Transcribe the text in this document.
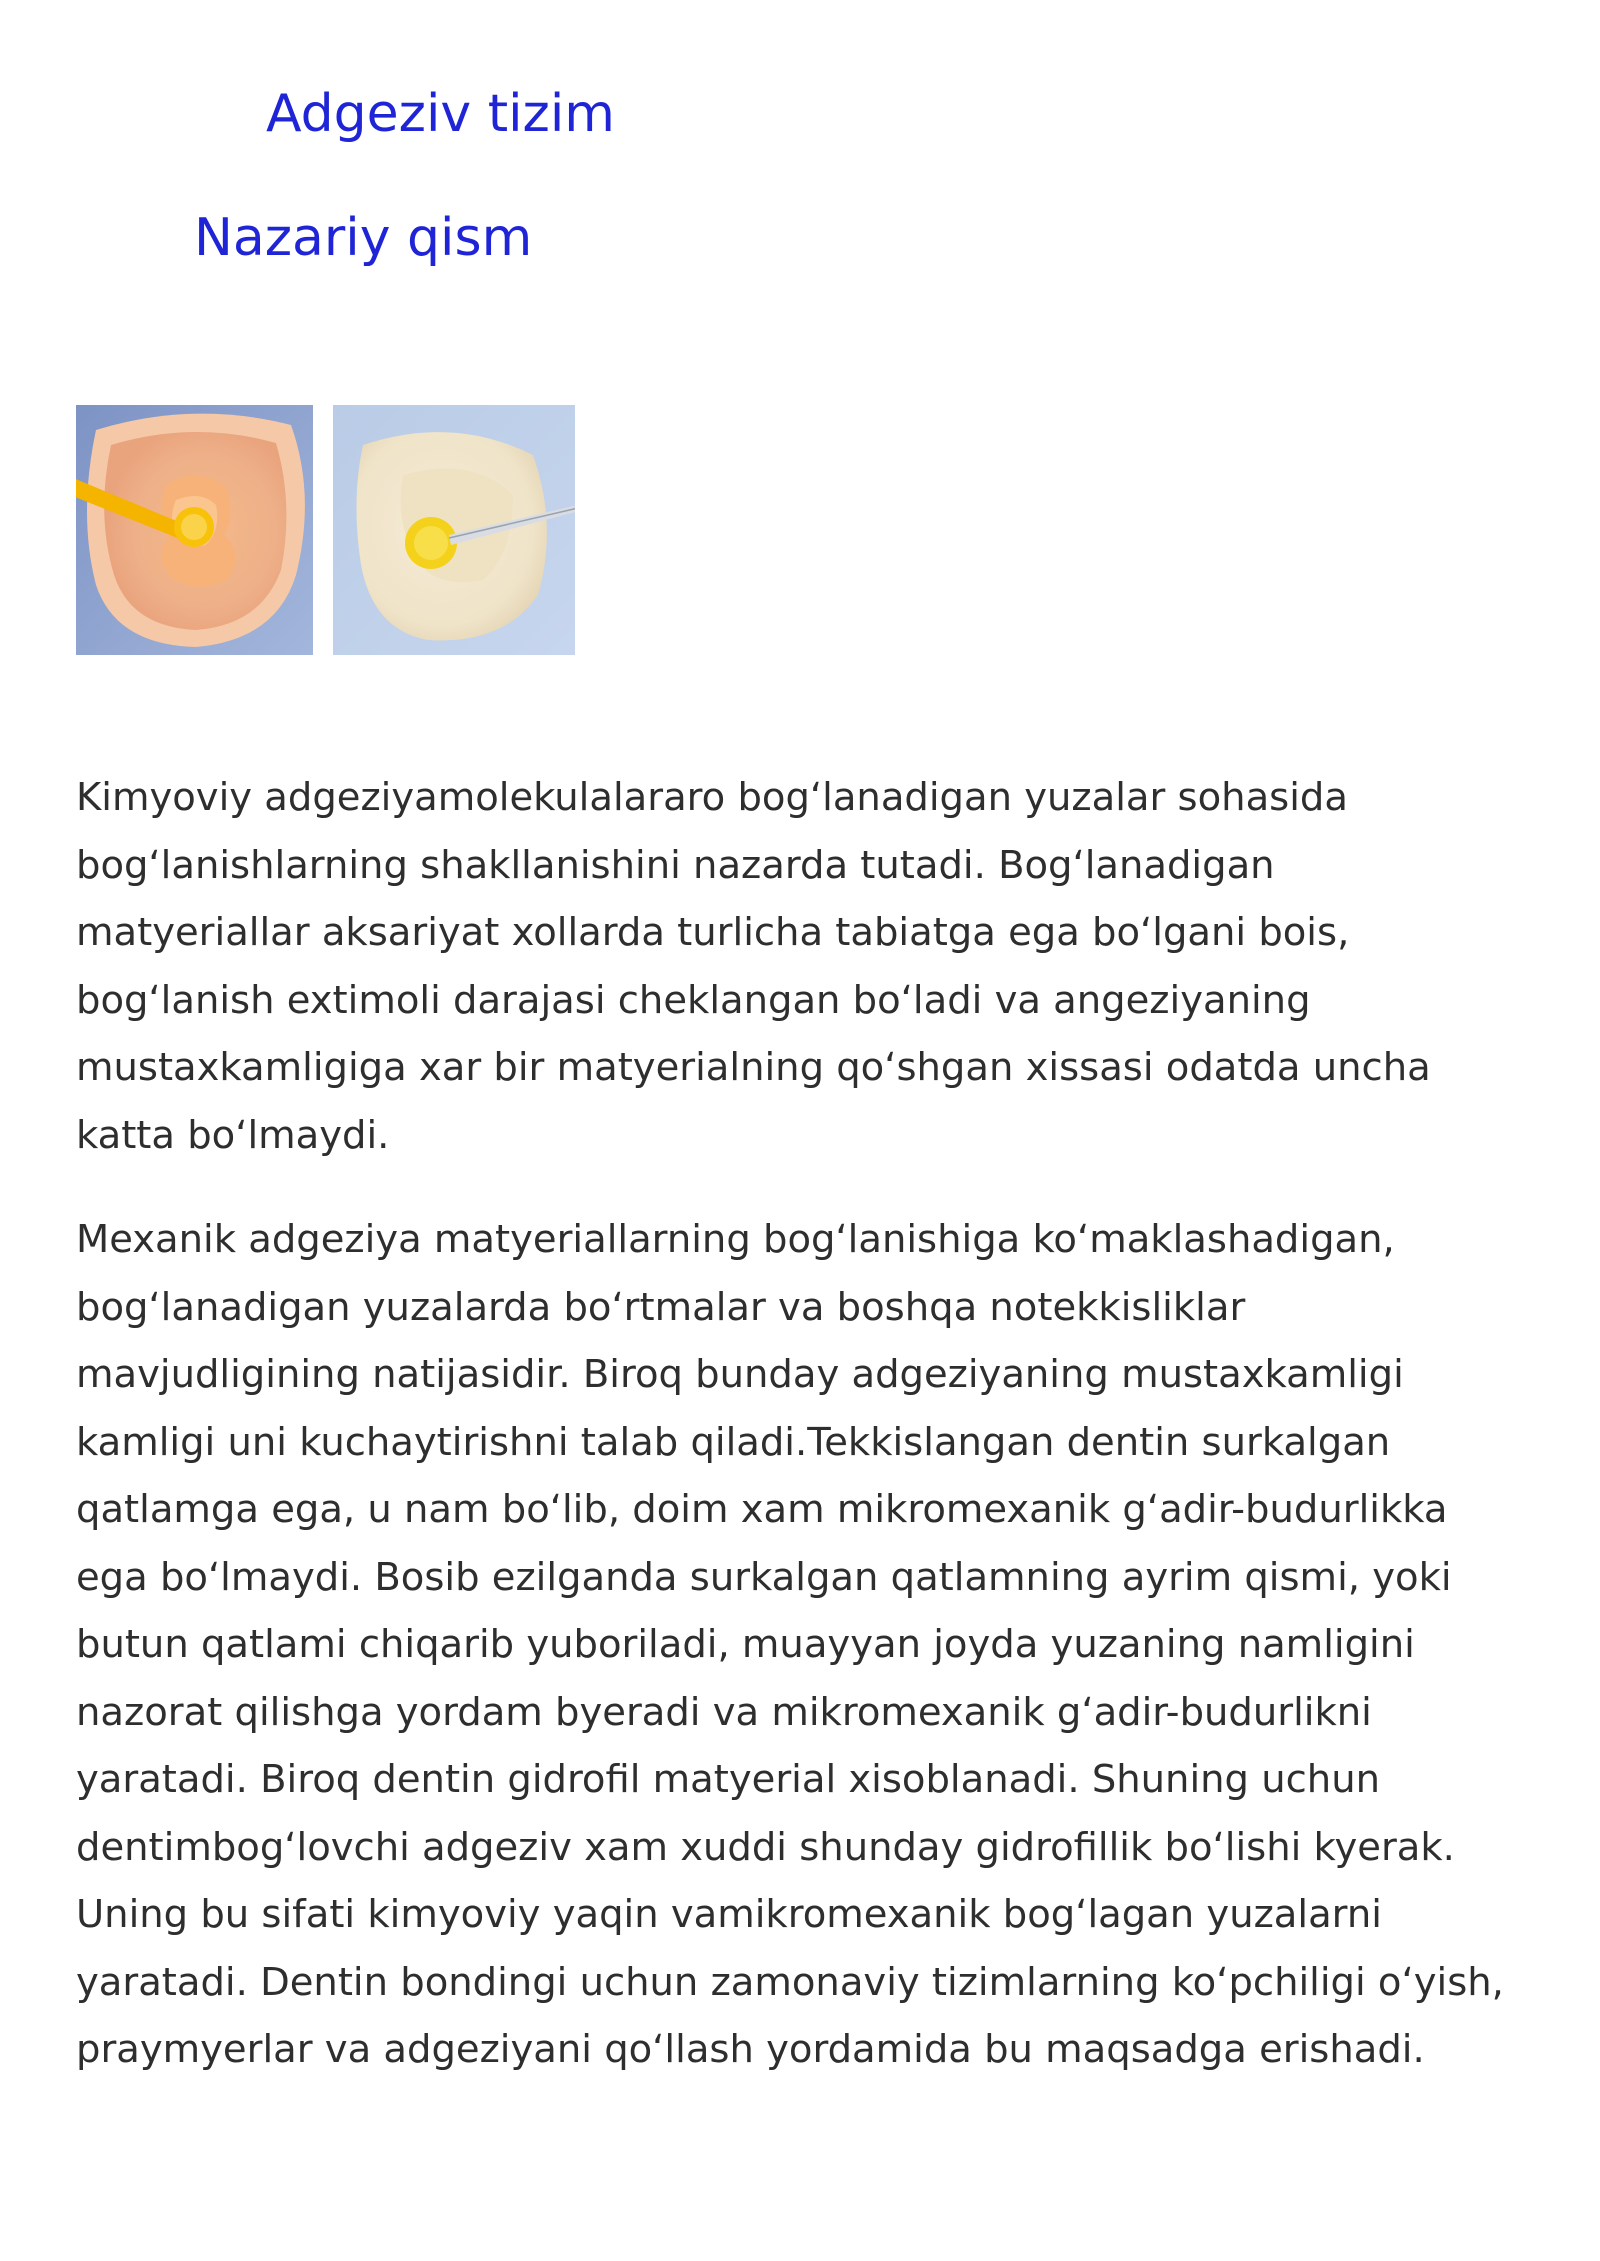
Adgeziv tizim
Nazariy qism

Kimyoviy adgeziyamolekulalararo bogʻlanadigan yuzalar sohasida
bogʻlanishlarning shakllanishini nazarda tutadi. Bogʻlanadigan
matyeriallar aksariyat xollarda turlicha tabiatga ega boʻlgani bois,
bogʻlanish extimoli darajasi cheklangan boʻladi va angeziyaning
mustaxkamligiga xar bir matyerialning qoʻshgan xissasi odatda uncha
katta boʻlmaydi.

Mexanik adgeziya matyeriallarning bogʻlanishiga koʻmaklashadigan,
bogʻlanadigan yuzalarda boʻrtmalar va boshqa notekkisliklar
mavjudligining natijasidir. Biroq bunday adgeziyaning mustaxkamligi
kamligi uni kuchaytirishni talab qiladi.Tekkislangan dentin surkalgan
qatlamga ega, u nam boʻlib, doim xam mikromexanik gʻadir-budurlikka
ega boʻlmaydi. Bosib ezilganda surkalgan qatlamning ayrim qismi, yoki
butun qatlami chiqarib yuboriladi, muayyan joyda yuzaning namligini
nazorat qilishga yordam byeradi va mikromexanik gʻadir-budurlikni
yaratadi. Biroq dentin gidrofil matyerial xisoblanadi. Shuning uchun
dentimbogʻlovchi adgeziv xam xuddi shunday gidrofillik boʻlishi kyerak.
Uning bu sifati kimyoviy yaqin vamikromexanik bogʻlagan yuzalarni
yaratadi. Dentin bondingi uchun zamonaviy tizimlarning koʻpchiligi oʻyish,
praymyerlar va adgeziyani qoʻllash yordamida bu maqsadga erishadi.
